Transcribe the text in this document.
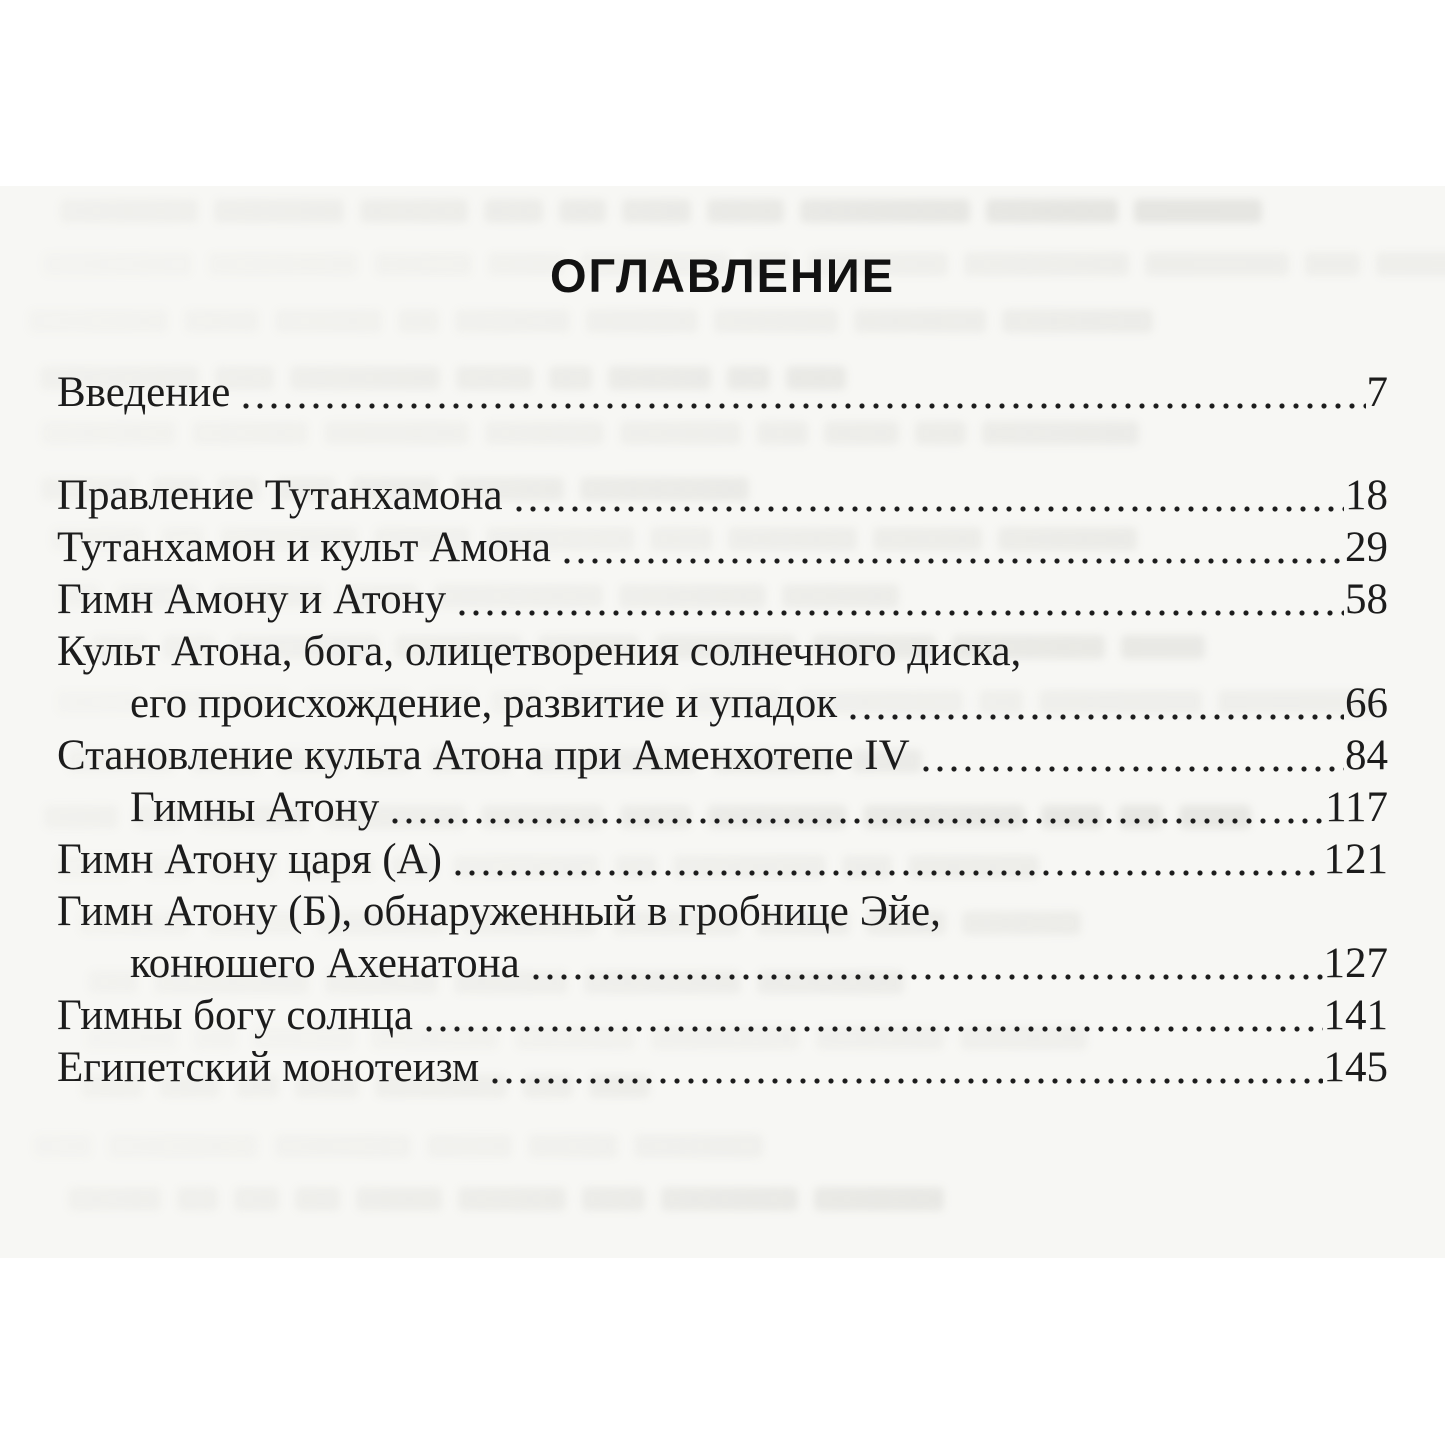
ОГЛАВЛЕНИЕ
Введение	7
Правление Тутанхамона	18
Тутанхамон и культ Амона	29
Гимн Амону и Атону	58
Культ Атона, бога, олицетворения солнечного диска,
его происхождение, развитие и упадок	66
Становление культа Атона при Аменхотепе IV	84
Гимны Атону	117
Гимн Атону царя (А)	121
Гимн Атону (Б), обнаруженный в гробнице Эйе,
конюшего Ахенатона	127
Гимны богу солнца	141
Египетский монотеизм	145
